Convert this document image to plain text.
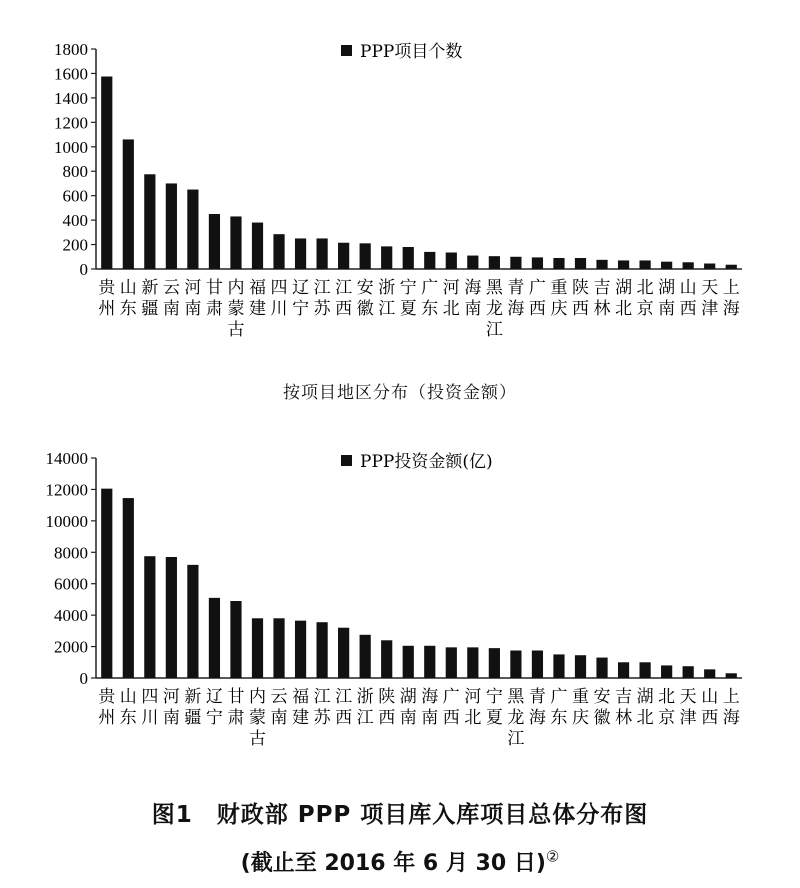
0
200
400
600
800
1000
1200
1400
1600
1800
贵州
山东
新疆
云南
河南
甘肃
内蒙古
福建
四川
辽宁
江苏
江西
安徽
浙江
宁夏
广东
河北
海南
黑龙江
青海
广西
重庆
陕西
吉林
湖北
北京
湖南
山西
天津
上海
PPP项目个数
按项目地区分布（投资金额）
0
2000
4000
6000
8000
10000
12000
14000
贵州
山东
四川
河南
新疆
辽宁
甘肃
内蒙古
云南
福建
江苏
江西
浙江
陕西
湖南
海南
广西
河北
宁夏
黑龙江
青海
广东
重庆
安徽
吉林
湖北
北京
天津
山西
上海
PPP投资金额(亿)
图1　财政部 PPP 项目库入库项目总体分布图
(截止至 2016 年 6 月 30 日)②
